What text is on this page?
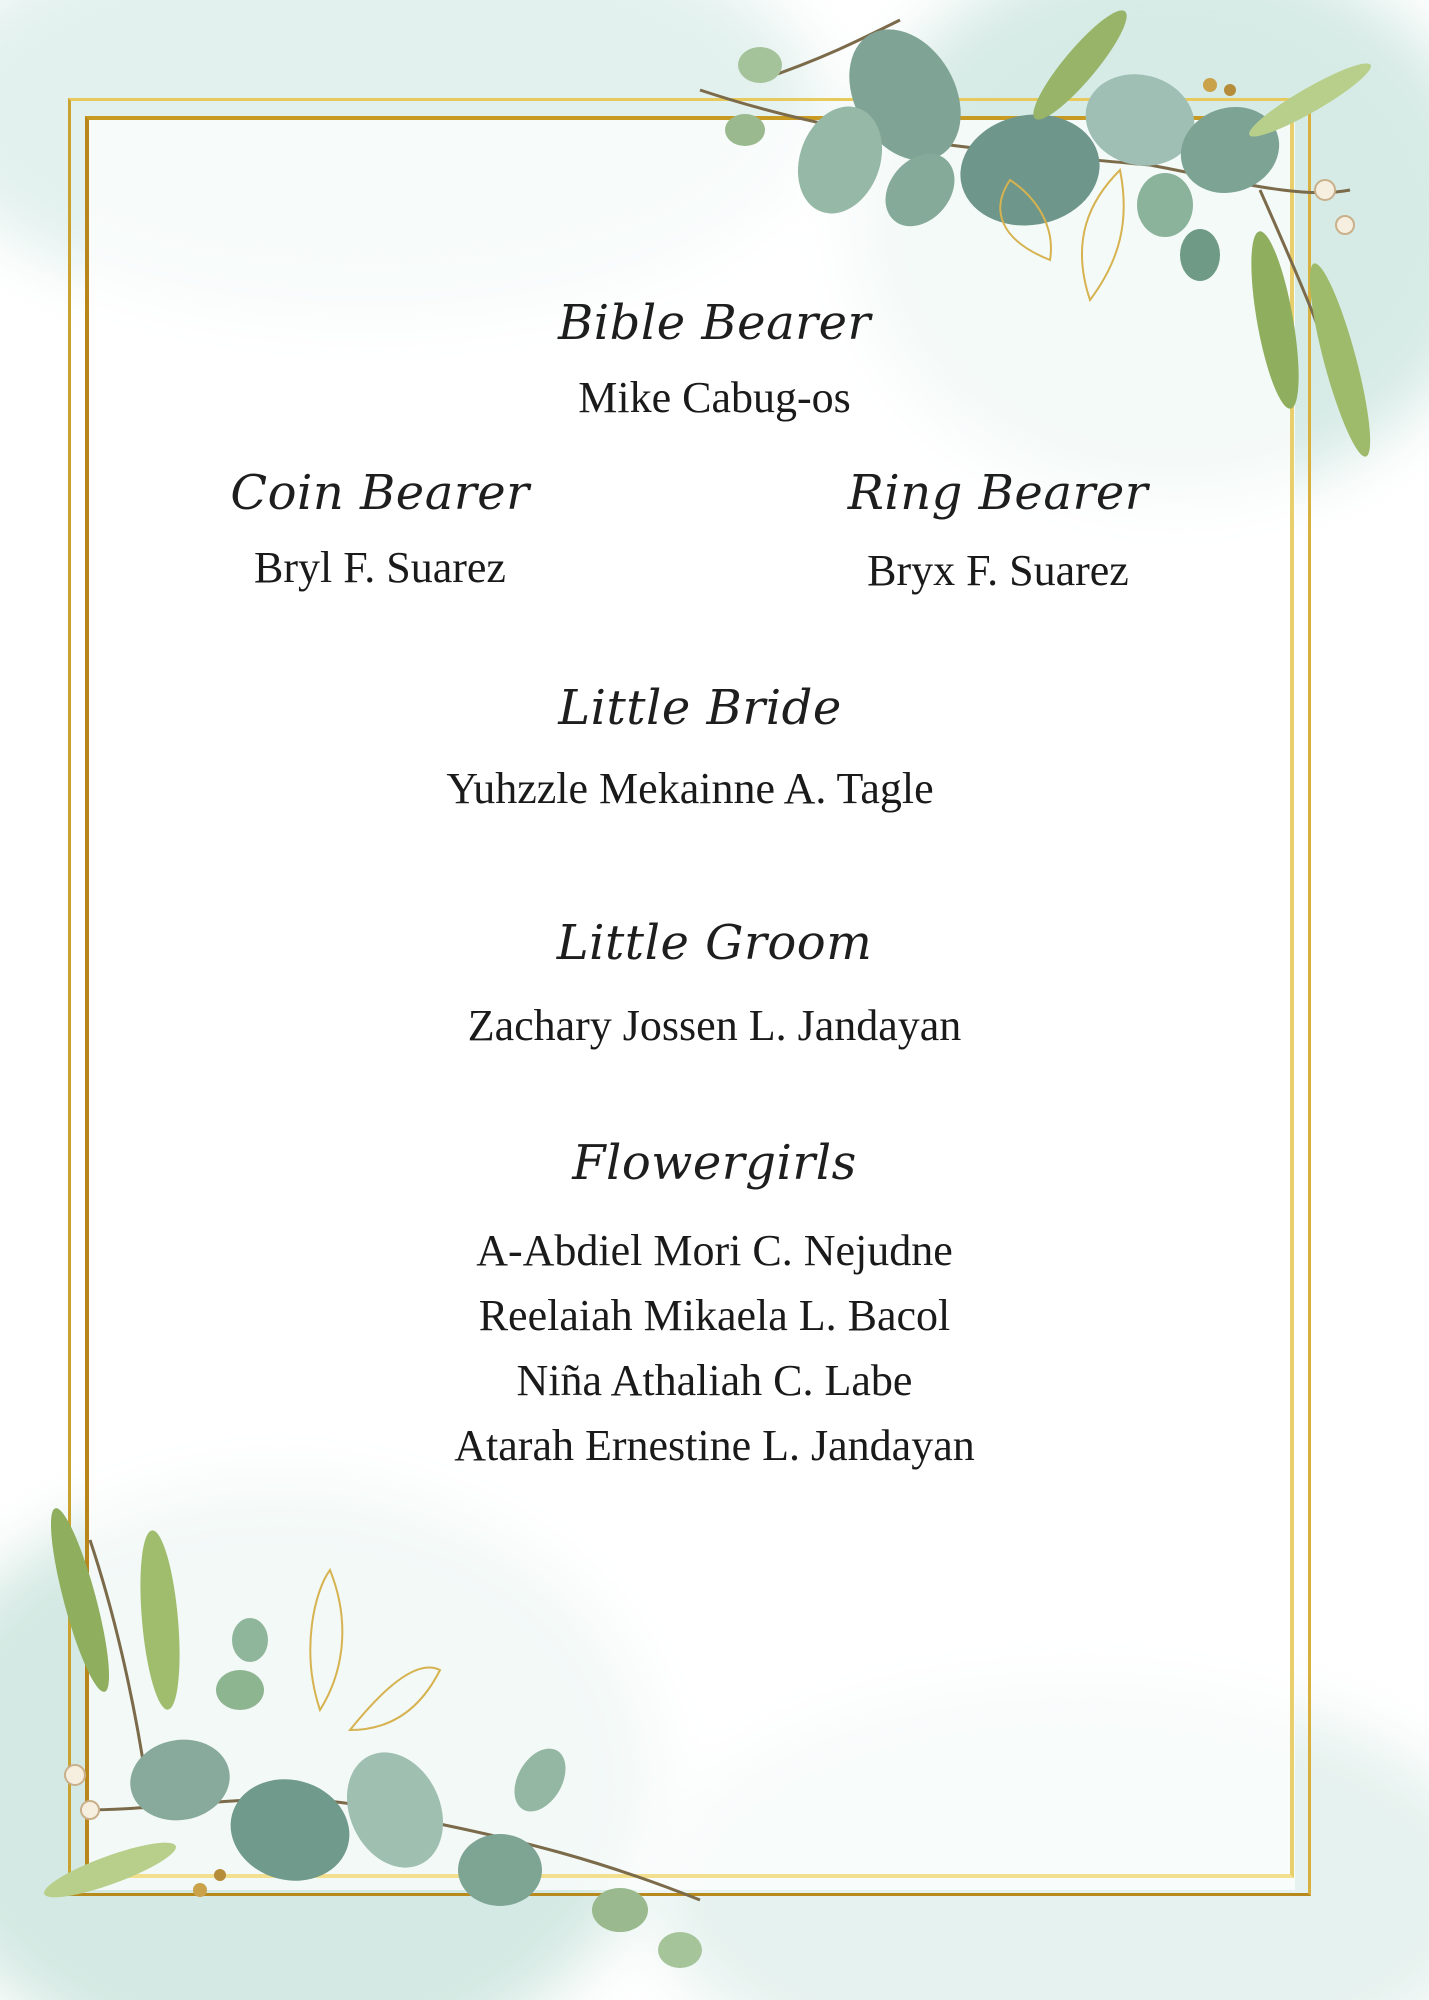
Bible Bearer
Mike Cabug-os
Coin Bearer
Bryl F. Suarez
Ring Bearer
Bryx F. Suarez
Little Bride
Yuhzzle Mekainne A. Tagle
Little Groom
Zachary Jossen L. Jandayan
Flowergirls
A-Abdiel Mori C. Nejudne
Reelaiah Mikaela L. Bacol
Niña Athaliah C. Labe
Atarah Ernestine L. Jandayan
